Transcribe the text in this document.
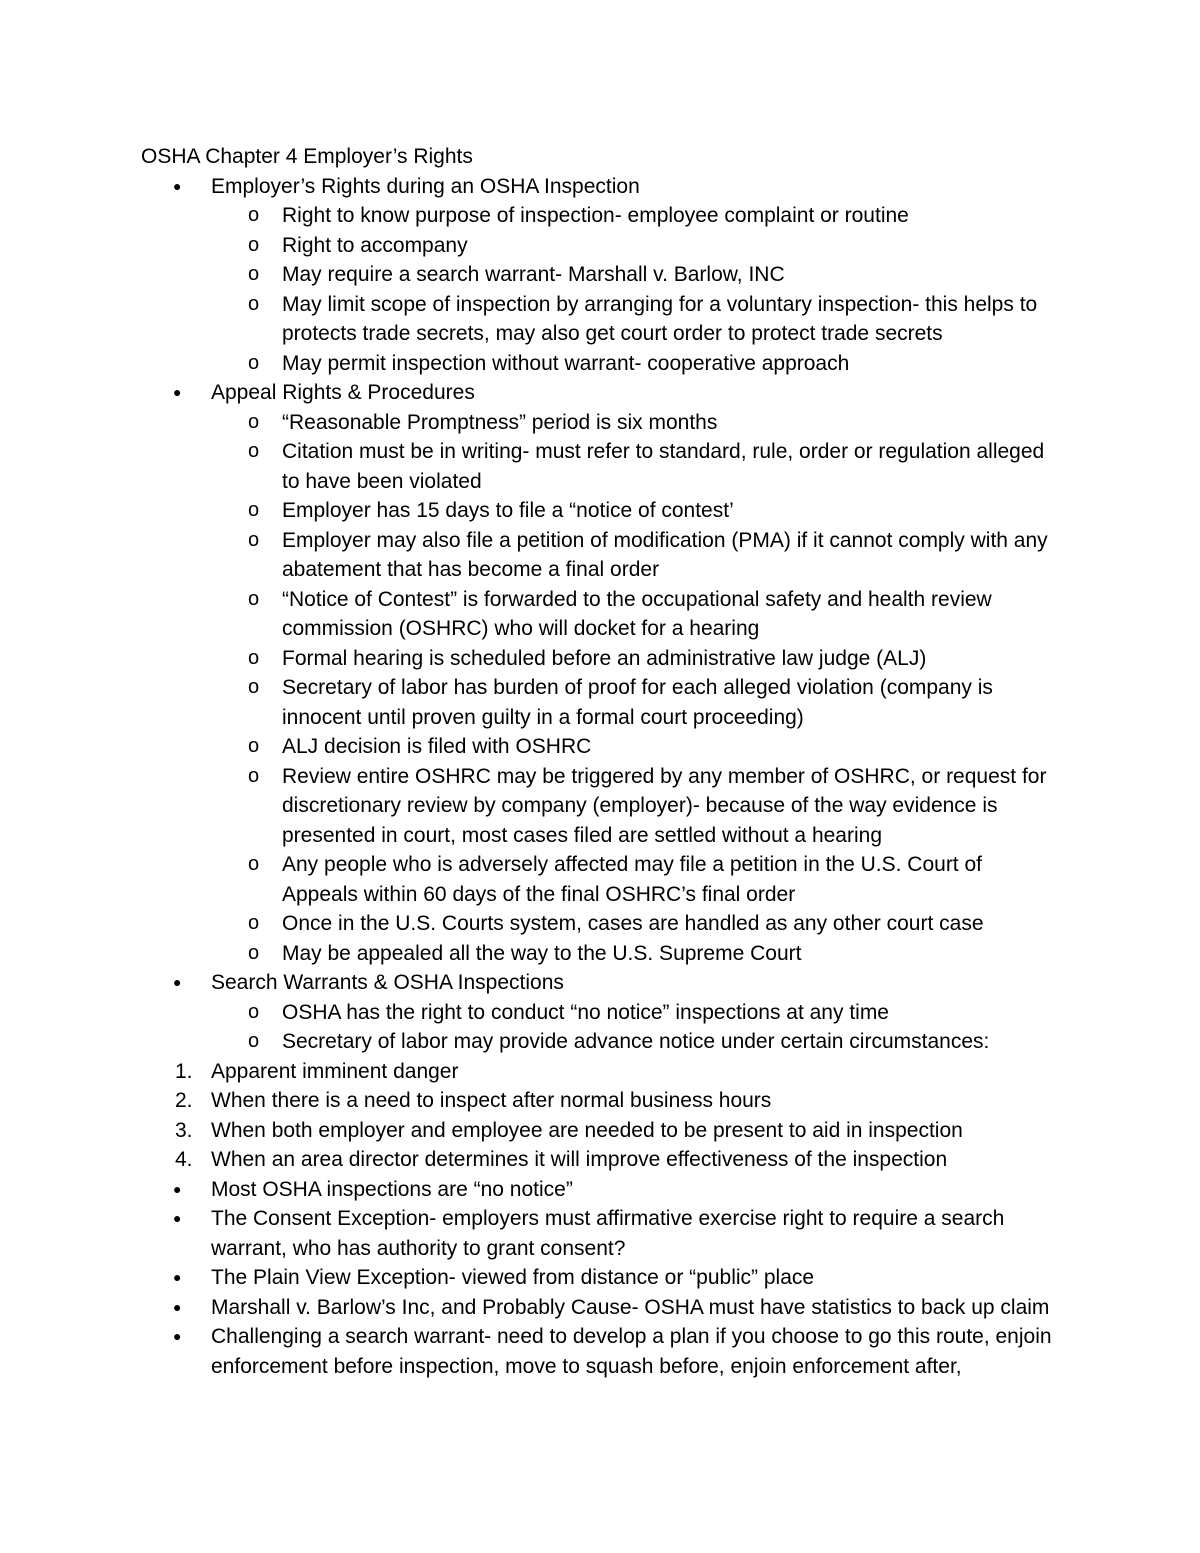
OSHA Chapter 4 Employer’s Rights
● Employer’s Rights during an OSHA Inspection
o Right to know purpose of inspection- employee complaint or routine
o Right to accompany
o May require a search warrant- Marshall v. Barlow, INC
o May limit scope of inspection by arranging for a voluntary inspection- this helps to protects trade secrets, may also get court order to protect trade secrets
o May permit inspection without warrant- cooperative approach
● Appeal Rights & Procedures
o “Reasonable Promptness” period is six months
o Citation must be in writing- must refer to standard, rule, order or regulation alleged to have been violated
o Employer has 15 days to file a “notice of contest’
o Employer may also file a petition of modification (PMA) if it cannot comply with any abatement that has become a final order
o “Notice of Contest” is forwarded to the occupational safety and health review commission (OSHRC) who will docket for a hearing
o Formal hearing is scheduled before an administrative law judge (ALJ)
o Secretary of labor has burden of proof for each alleged violation (company is innocent until proven guilty in a formal court proceeding)
o ALJ decision is filed with OSHRC
o Review entire OSHRC may be triggered by any member of OSHRC, or request for discretionary review by company (employer)- because of the way evidence is presented in court, most cases filed are settled without a hearing
o Any people who is adversely affected may file a petition in the U.S. Court of Appeals within 60 days of the final OSHRC’s final order
o Once in the U.S. Courts system, cases are handled as any other court case
o May be appealed all the way to the U.S. Supreme Court
● Search Warrants & OSHA Inspections
o OSHA has the right to conduct “no notice” inspections at any time
o Secretary of labor may provide advance notice under certain circumstances:
1. Apparent imminent danger
2. When there is a need to inspect after normal business hours
3. When both employer and employee are needed to be present to aid in inspection
4. When an area director determines it will improve effectiveness of the inspection
● Most OSHA inspections are “no notice”
● The Consent Exception- employers must affirmative exercise right to require a search warrant, who has authority to grant consent?
● The Plain View Exception- viewed from distance or “public” place
● Marshall v. Barlow’s Inc, and Probably Cause- OSHA must have statistics to back up claim
● Challenging a search warrant- need to develop a plan if you choose to go this route, enjoin enforcement before inspection, move to squash before, enjoin enforcement after,
